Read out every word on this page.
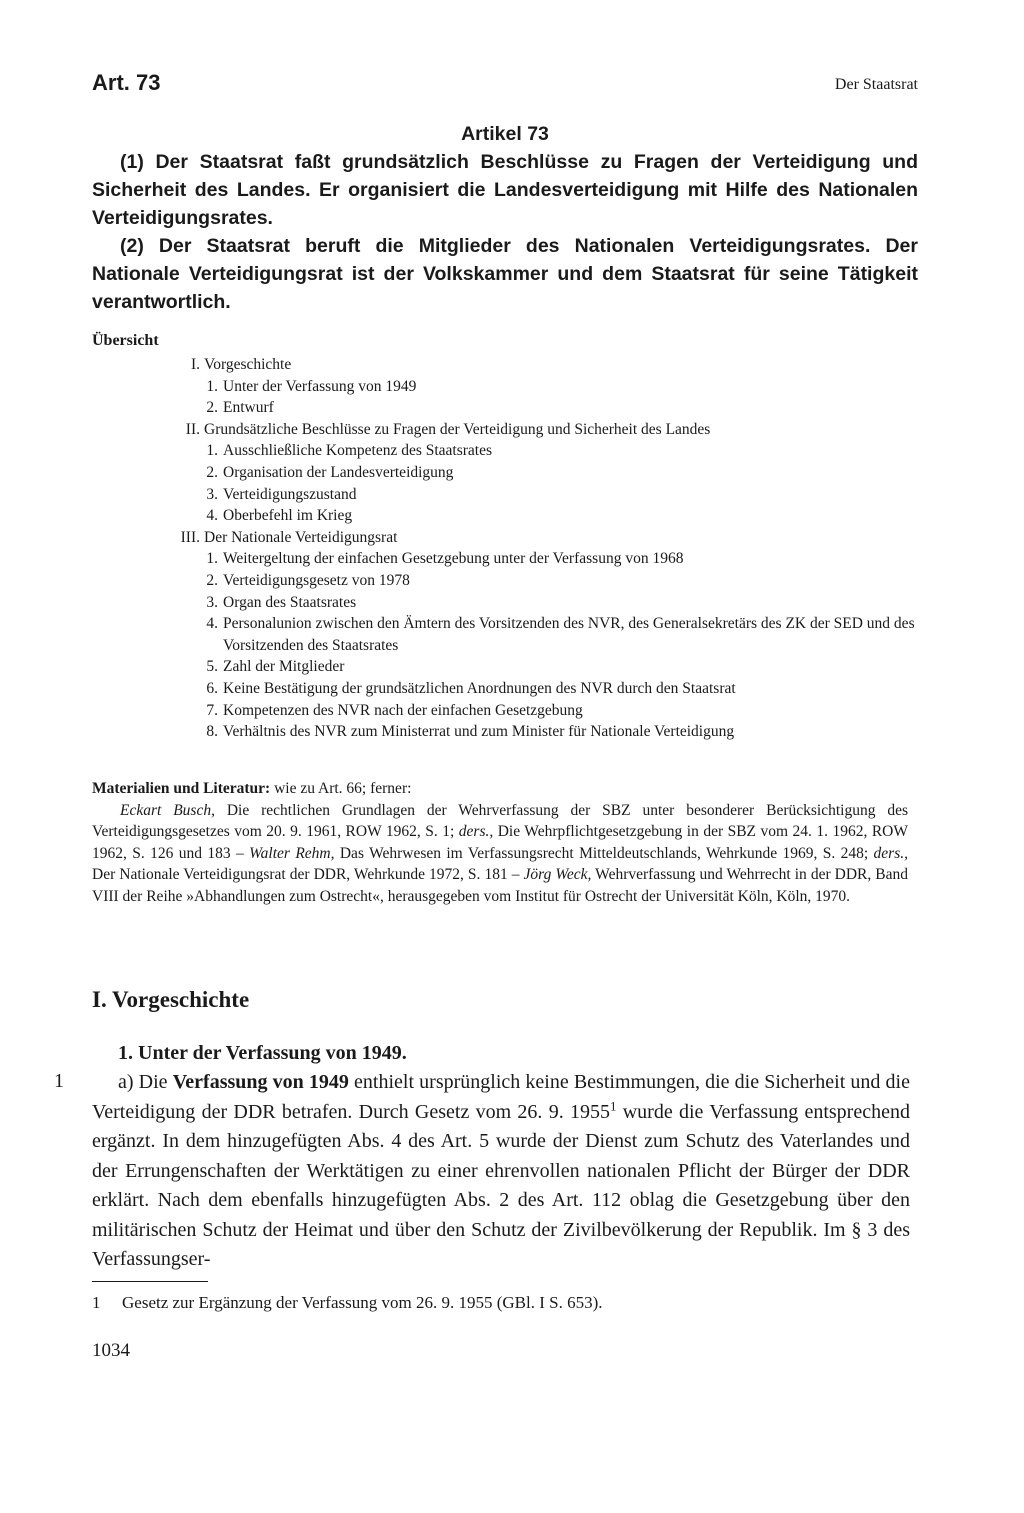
Art. 73	Der Staatsrat
Artikel 73

(1) Der Staatsrat faßt grundsätzlich Beschlüsse zu Fragen der Verteidigung und Sicherheit des Landes. Er organisiert die Landesverteidigung mit Hilfe des Nationalen Verteidigungsrates.

(2) Der Staatsrat beruft die Mitglieder des Nationalen Verteidigungsrates. Der Nationale Verteidigungsrat ist der Volkskammer und dem Staatsrat für seine Tätigkeit verantwortlich.

Übersicht
I. Vorgeschichte
1. Unter der Verfassung von 1949
2. Entwurf
II. Grundsätzliche Beschlüsse zu Fragen der Verteidigung und Sicherheit des Landes
1. Ausschließliche Kompetenz des Staatsrates
2. Organisation der Landesverteidigung
3. Verteidigungszustand
4. Oberbefehl im Krieg
III. Der Nationale Verteidigungsrat
1. Weitergeltung der einfachen Gesetzgebung unter der Verfassung von 1968
2. Verteidigungsgesetz von 1978
3. Organ des Staatsrates
4. Personalunion zwischen den Ämtern des Vorsitzenden des NVR, des Generalsekretärs des ZK der SED und des Vorsitzenden des Staatsrates
5. Zahl der Mitglieder
6. Keine Bestätigung der grundsätzlichen Anordnungen des NVR durch den Staatsrat
7. Kompetenzen des NVR nach der einfachen Gesetzgebung
8. Verhältnis des NVR zum Ministerrat und zum Minister für Nationale Verteidigung
Materialien und Literatur: wie zu Art. 66; ferner:

Eckart Busch, Die rechtlichen Grundlagen der Wehrverfassung der SBZ unter besonderer Berücksichtigung des Verteidigungsgesetzes vom 20. 9. 1961, ROW 1962, S. 1; ders., Die Wehrpflichtgesetzgebung in der SBZ vom 24. 1. 1962, ROW 1962, S. 126 und 183 – Walter Rehm, Das Wehrwesen im Verfassungsrecht Mitteldeutschlands, Wehrkunde 1969, S. 248; ders., Der Nationale Verteidigungsrat der DDR, Wehrkunde 1972, S. 181 – Jörg Weck, Wehrverfassung und Wehrrecht in der DDR, Band VIII der Reihe »Abhandlungen zum Ostrecht«, herausgegeben vom Institut für Ostrecht der Universität Köln, Köln, 1970.

I. Vorgeschichte
1. Unter der Verfassung von 1949.
1	a) Die Verfassung von 1949 enthielt ursprünglich keine Bestimmungen, die die Sicherheit und die Verteidigung der DDR betrafen. Durch Gesetz vom 26. 9. 1955$^1$ wurde die Verfassung entsprechend ergänzt. In dem hinzugefügten Abs. 4 des Art. 5 wurde der Dienst zum Schutz des Vaterlandes und der Errungenschaften der Werktätigen zu einer ehrenvollen nationalen Pflicht der Bürger der DDR erklärt. Nach dem ebenfalls hinzugefügten Abs. 2 des Art. 112 oblag die Gesetzgebung über den militärischen Schutz der Heimat und über den Schutz der Zivilbevölkerung der Republik. Im § 3 des Verfassungser-

1 Gesetz zur Ergänzung der Verfassung vom 26. 9. 1955 (GBl. I S. 653).
1034
